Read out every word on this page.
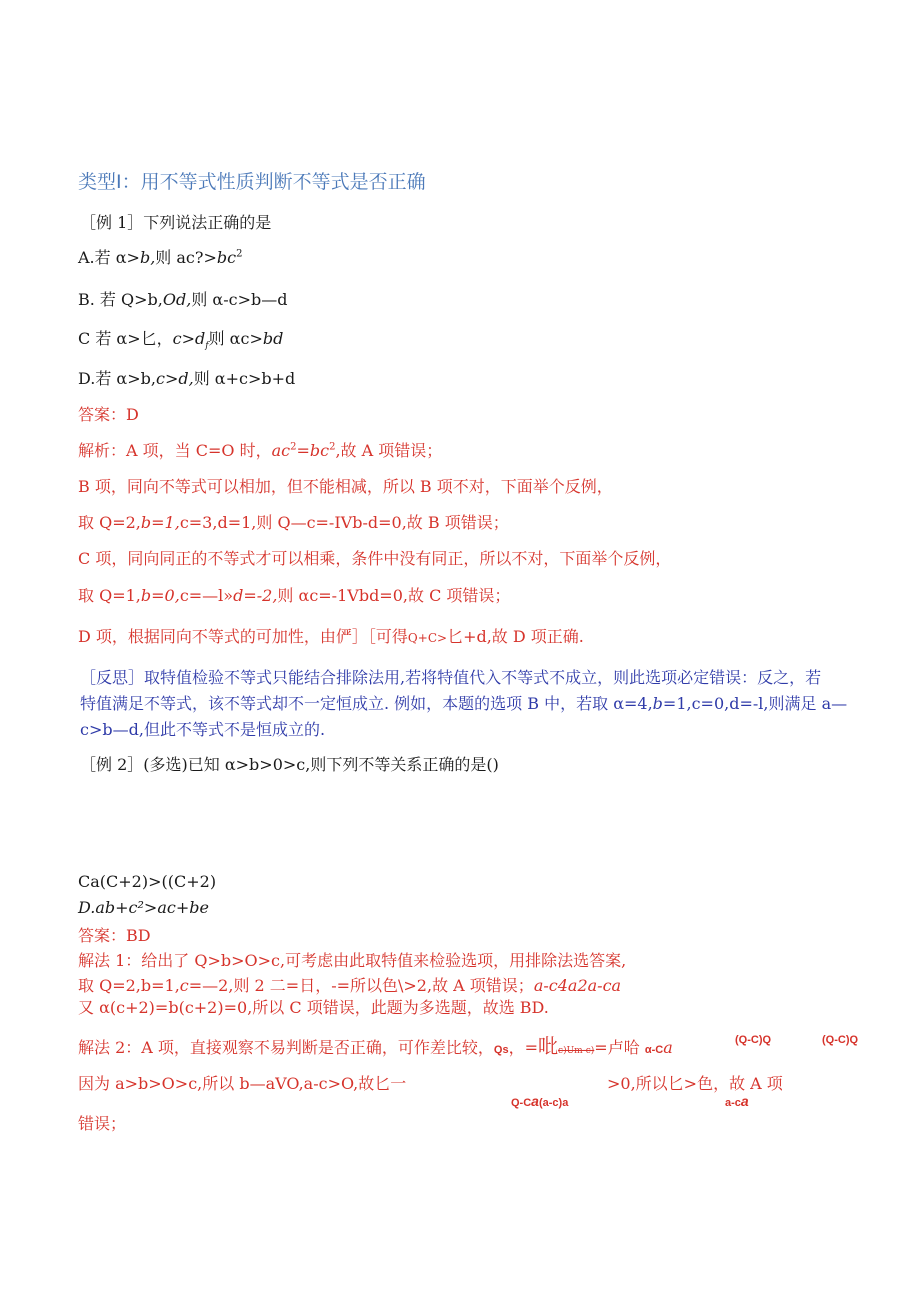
类型Ⅰ：用不等式性质判断不等式是否正确
［例 1］下列说法正确的是
A.若 α>b,则 $ac?>bc^2$
B. 若 Q>b,Od,则 α-c>b—d
C 若 α>匕，$c>d_f$则 αc>bd
D.若 α>b,c>d,则 α+c>b+d
答案：D
解析：A 项，当 C=O 时，$ac^2=bc^2$,故 A 项错误；
B 项，同向不等式可以相加，但不能相减，所以 B 项不对，下面举个反例，
取 Q=2,b=1,c=3,d=1,则 Q—c=-IVb-d=0,故 B 项错误；
C 项，同向同正的不等式才可以相乘，条件中没有同正，所以不对，下面举个反例，
取 Q=1,b=0,c=—l»d=-2,则 αc=-1Vbd=0,故 C 项错误；
D 项，根据同向不等式的可加性，由俨］［可得Q+C>匕+d,故 D 项正确.
［反思］取特值检验不等式只能结合排除法用,若将特值代入不等式不成立，则此选项必定错误：反之，若
特值满足不等式，该不等式却不一定恒成立. 例如，本题的选项 B 中，若取 α=4,b=1,c=0,d=-l,则满足 a—
c>b—d,但此不等式不是恒成立的.
［例 2］(多选)已知 α>b>0>c,则下列不等关系正确的是()
Ca(C+2)>((C+2)
D.ab+c²>ac+be
答案：BD
解法 1：给出了 Q>b>O>c,可考虑由此取特值来检验选项，用排除法选答案,
取 Q=2,b=1,c=—2,则 2 二=日，-=所以色\>2,故 A 项错误；a-c4a2a-ca
又 α(c+2)=b(c+2)=0,所以 C 项错误，此题为多选题，故选 BD.
解法 2：A 项，直接观察不易判断是否正确，可作差比较，Qs，=吡c)Um-c)=卢哈 α-Ca	(Q-C)Q	(Q-C)Q
因为 a>b>O>c,所以 b—aVO,a-c>O,故匕一	>0,所以匕>色，故 A 项
Q-Ca(a-c)a	a-ca
错误；
